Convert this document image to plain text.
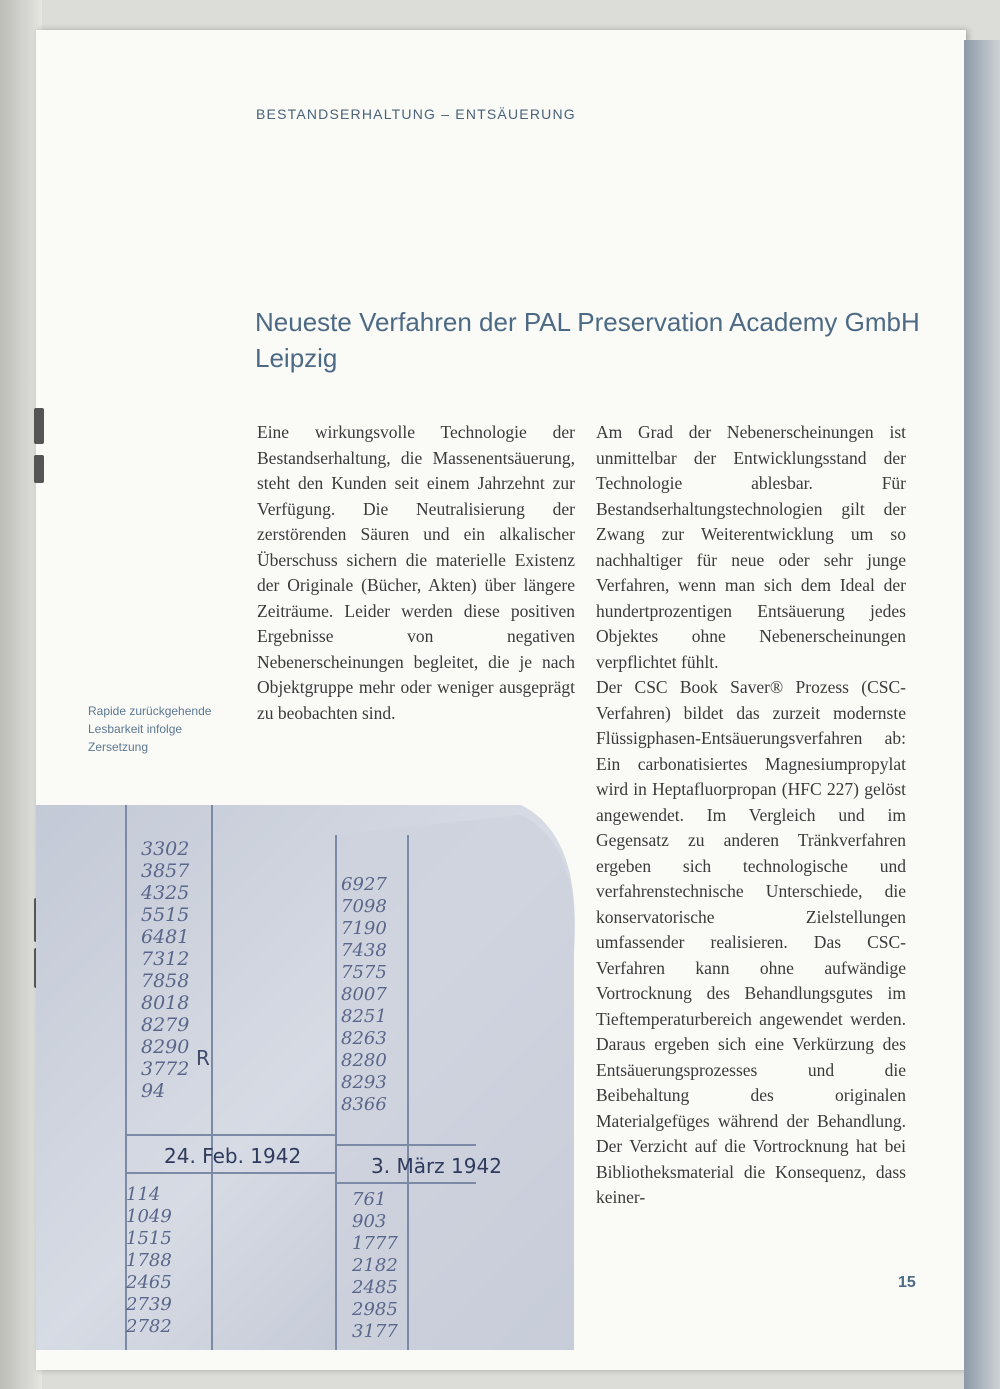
BESTANDSERHALTUNG – ENTSÄUERUNG
Neueste Verfahren der PAL Preservation Academy GmbH Leipzig

Eine wirkungsvolle Technologie der Bestandserhaltung, die Massenentsäuerung, steht den Kunden seit einem Jahrzehnt zur Verfügung. Die Neutralisierung der zerstörenden Säuren und ein alkalischer Überschuss sichern die materielle Existenz der Originale (Bücher, Akten) über längere Zeiträume. Leider werden diese positiven Ergebnisse von negativen Nebenerscheinungen begleitet, die je nach Objektgruppe mehr oder weniger ausgeprägt zu beobachten sind.

Am Grad der Nebenerscheinungen ist unmittelbar der Entwicklungsstand der Technologie ablesbar. Für Bestandserhaltungstechnologien gilt der Zwang zur Weiterentwicklung um so nachhaltiger für neue oder sehr junge Verfahren, wenn man sich dem Ideal der hundertprozentigen Entsäuerung jedes Objektes ohne Nebenerscheinungen verpflichtet fühlt.

Der CSC Book Saver® Prozess (CSC-Verfahren) bildet das zurzeit modernste Flüssigphasen-Entsäuerungsverfahren ab: Ein carbonatisiertes Magnesiumpropylat wird in Heptafluorpropan (HFC 227) gelöst angewendet. Im Vergleich und im Gegensatz zu anderen Tränkverfahren ergeben sich technologische und verfahrenstechnische Unterschiede, die konservatorische Zielstellungen umfassender realisieren. Das CSC-Verfahren kann ohne aufwändige Vortrocknung des Behandlungsgutes im Tieftemperaturbereich angewendet werden. Daraus ergeben sich eine Verkürzung des Entsäuerungsprozesses und die Beibehaltung des originalen Materialgefüges während der Behandlung. Der Verzicht auf die Vortrocknung hat bei Bibliotheksmaterial die Konsequenz, dass keiner-

Rapide zurückgehende Lesbarkeit infolge Zersetzung
3302
3857
4325
5515
6481
7312
7858
8018
8279
8290
3772
94
6927
7098
7190
7438
7575
8007
8251
8263
8280
8293
8366
114
1049
1515
1788
2465
2739
2782
761
903
1777
2182
2485
2985
3177
R
24. Feb. 1942	3. März 1942
15
